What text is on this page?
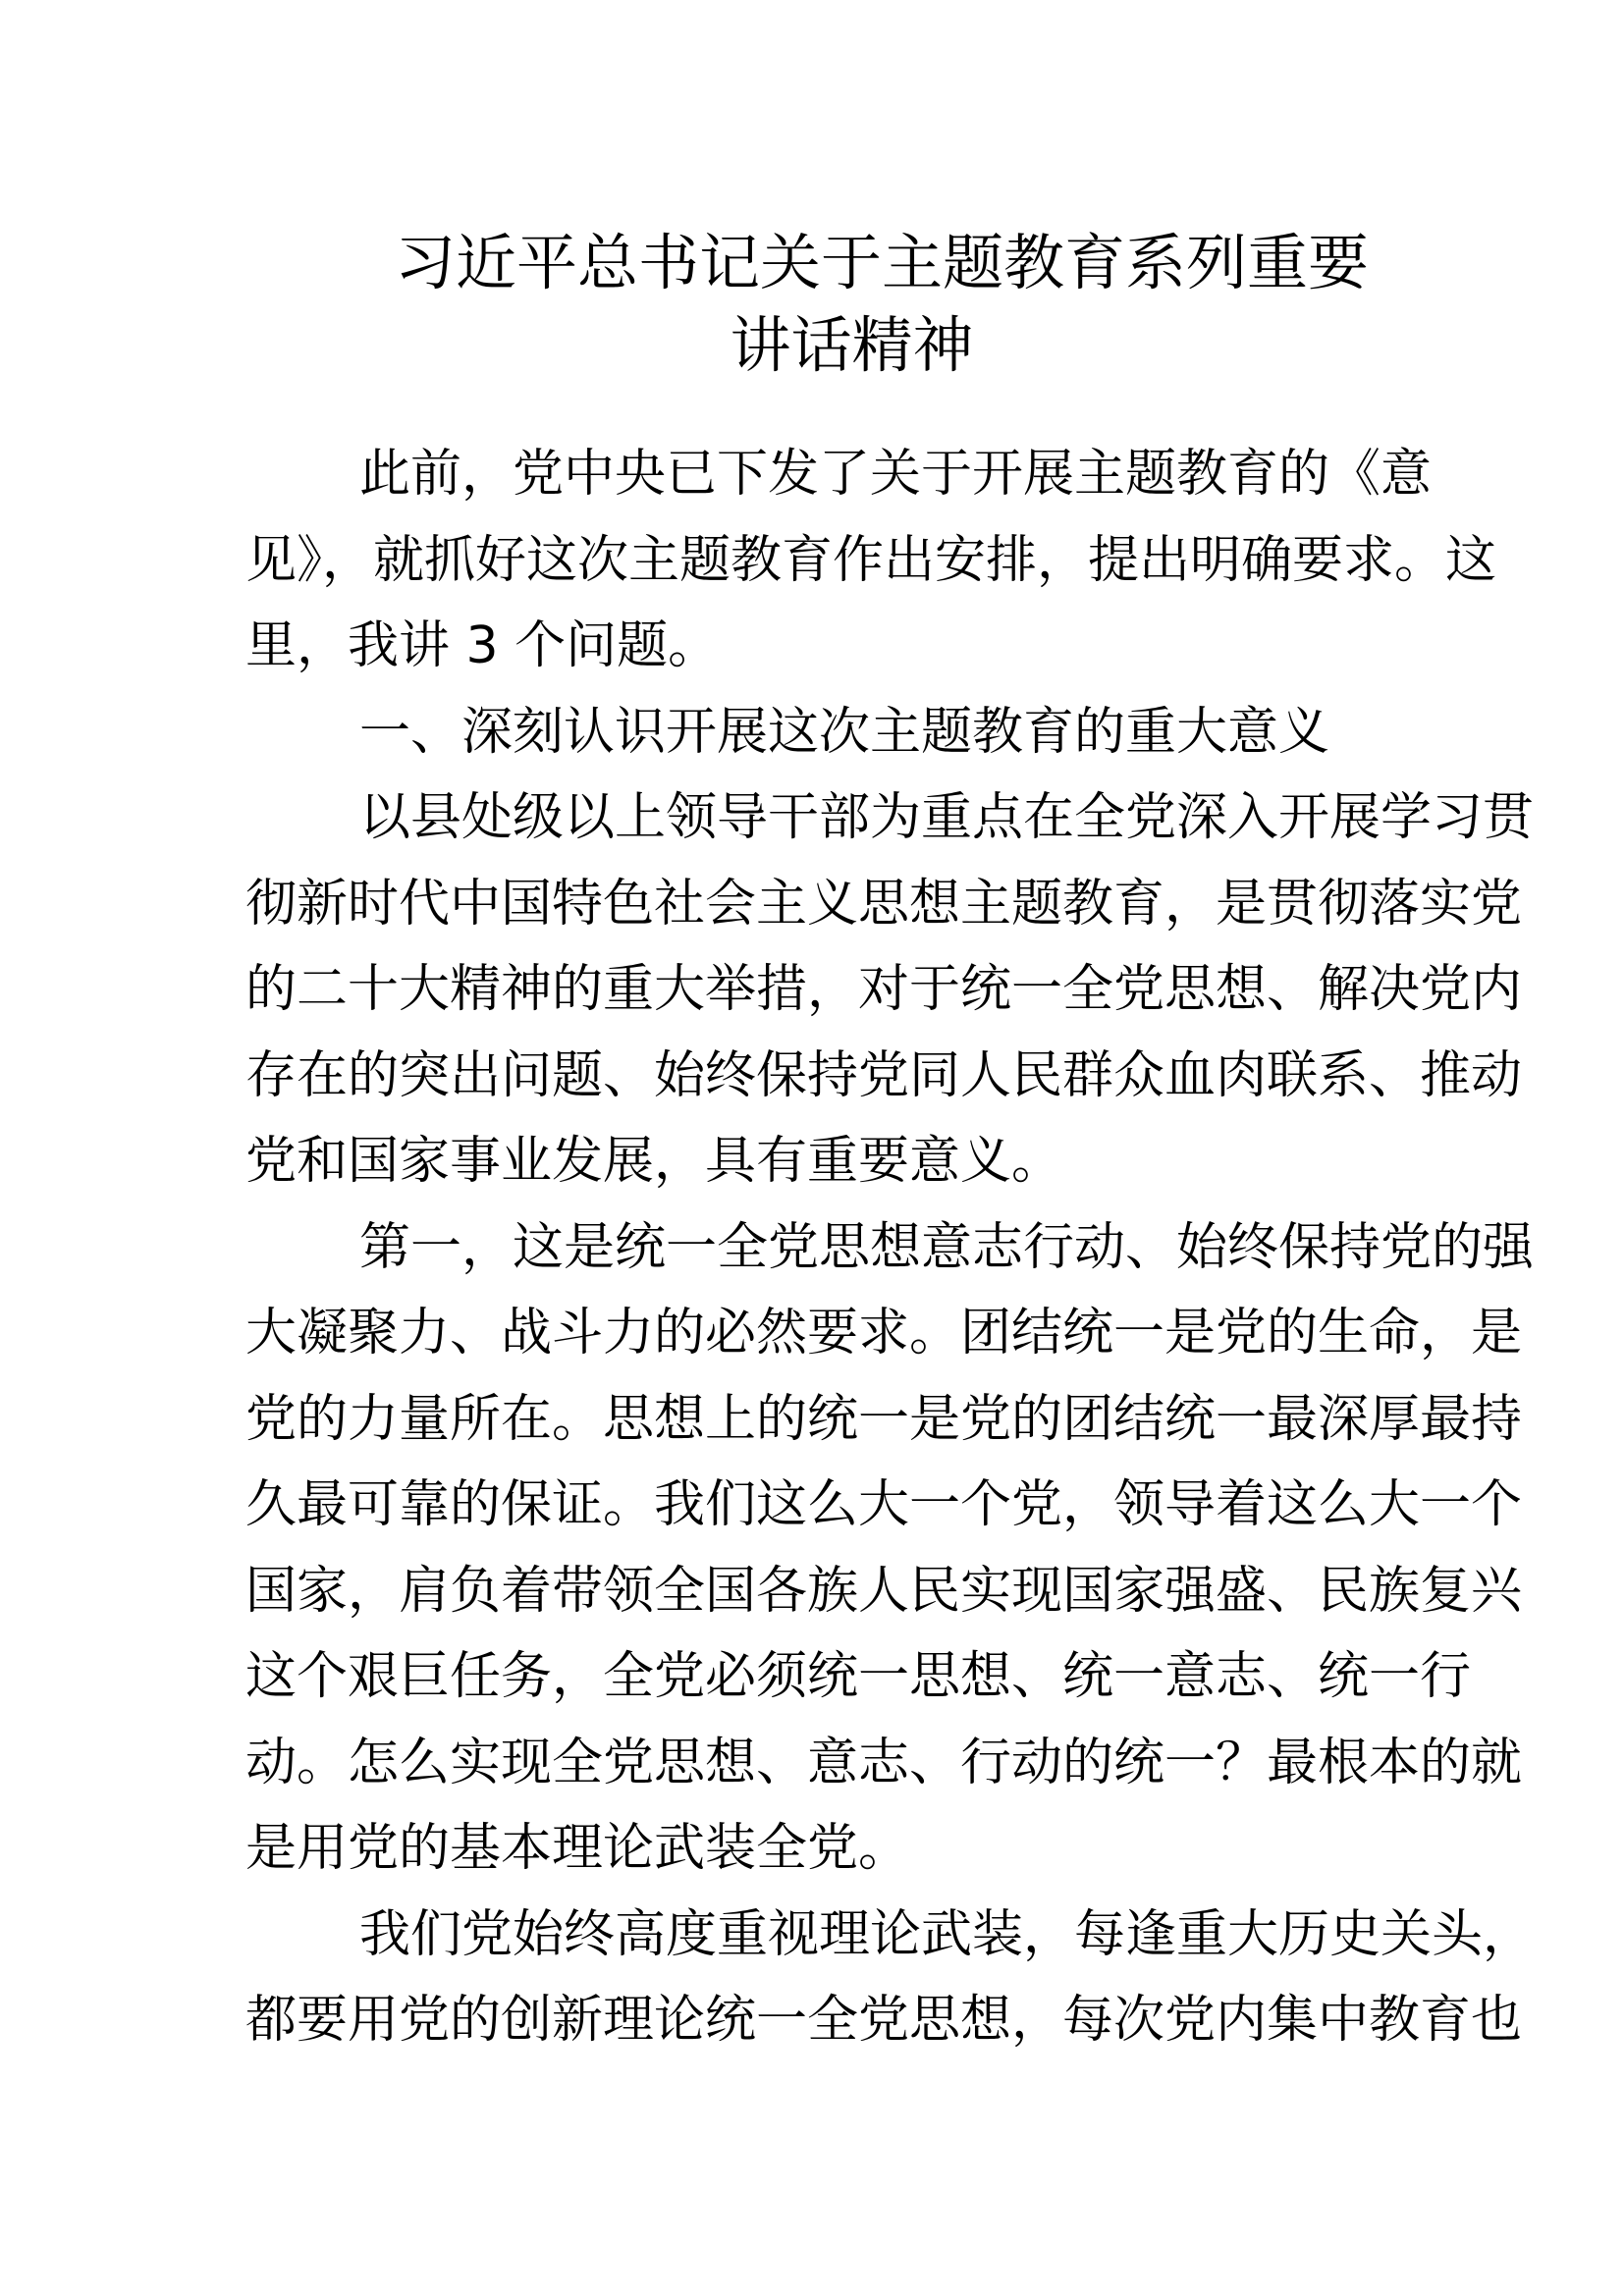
习近平总书记关于主题教育系列重要
讲话精神
此前，党中央已下发了关于开展主题教育的《意
见》，就抓好这次主题教育作出安排，提出明确要求。这
里，我讲 3 个问题。
一、深刻认识开展这次主题教育的重大意义
以县处级以上领导干部为重点在全党深入开展学习贯
彻新时代中国特色社会主义思想主题教育，是贯彻落实党
的二十大精神的重大举措，对于统一全党思想、解决党内
存在的突出问题、始终保持党同人民群众血肉联系、推动
党和国家事业发展，具有重要意义。
第一，这是统一全党思想意志行动、始终保持党的强
大凝聚力、战斗力的必然要求。团结统一是党的生命，是
党的力量所在。思想上的统一是党的团结统一最深厚最持
久最可靠的保证。我们这么大一个党，领导着这么大一个
国家，肩负着带领全国各族人民实现国家强盛、民族复兴
这个艰巨任务，全党必须统一思想、统一意志、统一行
动。怎么实现全党思想、意志、行动的统一？最根本的就
是用党的基本理论武装全党。
我们党始终高度重视理论武装，每逢重大历史关头，
都要用党的创新理论统一全党思想，每次党内集中教育也
